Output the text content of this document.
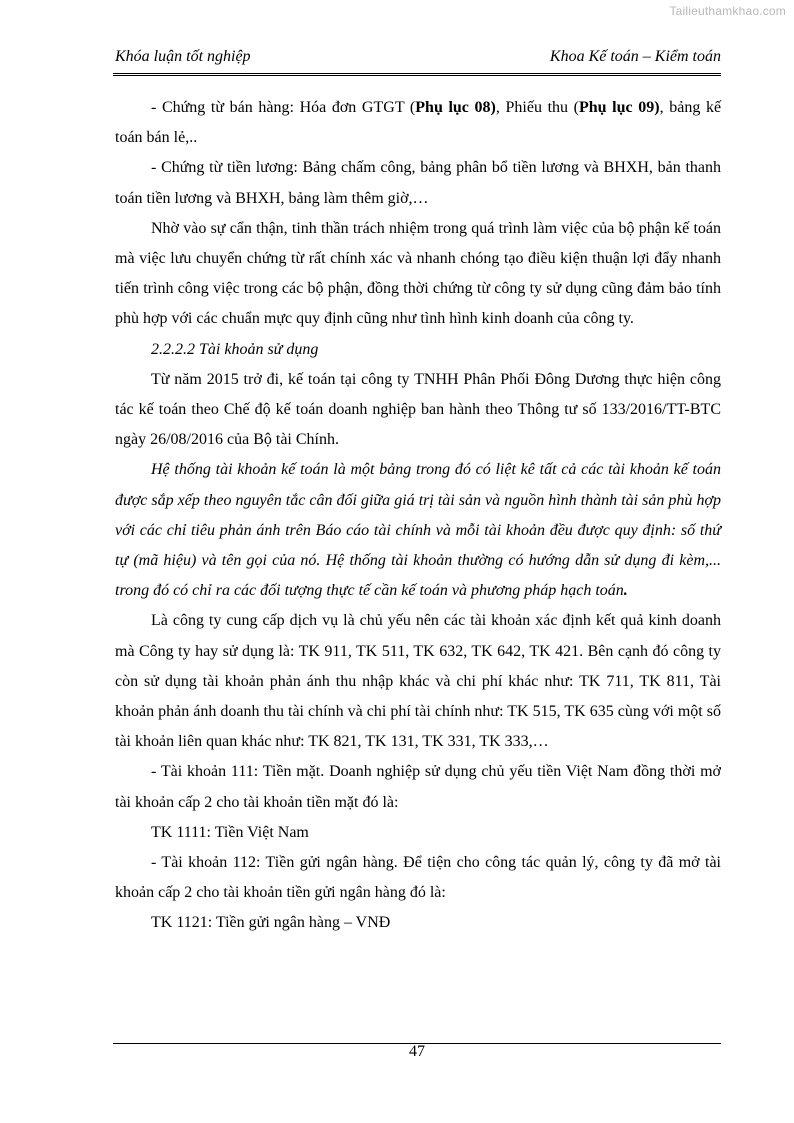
Tailieuthamkhao.com
Khóa luận tốt nghiệp	Khoa Kế toán – Kiểm toán

- Chứng từ bán hàng: Hóa đơn GTGT (Phụ lục 08), Phiếu thu (Phụ lục 09), bảng kế toán bán lẻ,..

- Chứng từ tiền lương: Bảng chấm công, bảng phân bổ tiền lương và BHXH, bản thanh toán tiền lương và BHXH, bảng làm thêm giờ,…

Nhờ vào sự cẩn thận, tinh thần trách nhiệm trong quá trình làm việc của bộ phận kế toán mà việc lưu chuyển chứng từ rất chính xác và nhanh chóng tạo điều kiện thuận lợi đẩy nhanh tiến trình công việc trong các bộ phận, đồng thời chứng từ công ty sử dụng cũng đảm bảo tính phù hợp với các chuẩn mực quy định cũng như tình hình kinh doanh của công ty.

2.2.2.2 Tài khoản sử dụng

Từ năm 2015 trở đi, kế toán tại công ty TNHH Phân Phối Đông Dương thực hiện công tác kế toán theo Chế độ kế toán doanh nghiệp ban hành theo Thông tư số 133/2016/TT-BTC ngày 26/08/2016 của Bộ tài Chính.

Hệ thống tài khoản kế toán là một bảng trong đó có liệt kê tất cả các tài khoản kế toán được sắp xếp theo nguyên tắc cân đối giữa giá trị tài sản và nguồn hình thành tài sản phù hợp với các chỉ tiêu phản ánh trên Báo cáo tài chính và mỗi tài khoản đều được quy định: số thứ tự (mã hiệu) và tên gọi của nó. Hệ thống tài khoản thường có hướng dẫn sử dụng đi kèm,... trong đó có chỉ ra các đối tượng thực tế cần kế toán và phương pháp hạch toán.

Là công ty cung cấp dịch vụ là chủ yếu nên các tài khoản xác định kết quả kinh doanh mà Công ty hay sử dụng là: TK 911, TK 511, TK 632, TK 642, TK 421. Bên cạnh đó công ty còn sử dụng tài khoản phản ánh thu nhập khác và chi phí khác như: TK 711, TK 811, Tài khoản phản ánh doanh thu tài chính và chi phí tài chính như: TK 515, TK 635 cùng với một số tài khoản liên quan khác như: TK 821, TK 131, TK 331, TK 333,…

- Tài khoản 111: Tiền mặt. Doanh nghiệp sử dụng chủ yếu tiền Việt Nam đồng thời mở tài khoản cấp 2 cho tài khoản tiền mặt đó là:

TK 1111: Tiền Việt Nam

- Tài khoản 112: Tiền gửi ngân hàng. Để tiện cho công tác quản lý, công ty đã mở tài khoản cấp 2 cho tài khoản tiền gửi ngân hàng đó là:

TK 1121: Tiền gửi ngân hàng – VNĐ

47
